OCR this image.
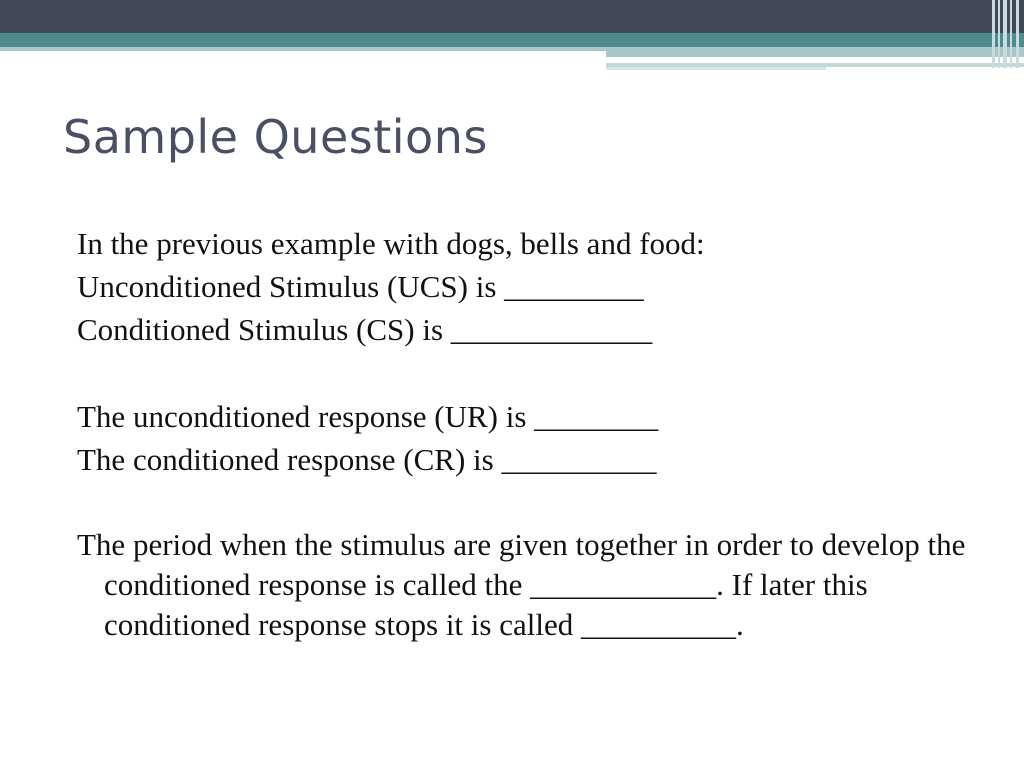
Sample Questions

In the previous example with dogs, bells and food:

Unconditioned Stimulus (UCS) is _________

Conditioned Stimulus (CS) is _____________

The unconditioned response (UR) is ________

The conditioned response (CR) is __________

The period when the stimulus are given together in order to develop the conditioned response is called the ____________. If later this conditioned response stops it is called __________.
